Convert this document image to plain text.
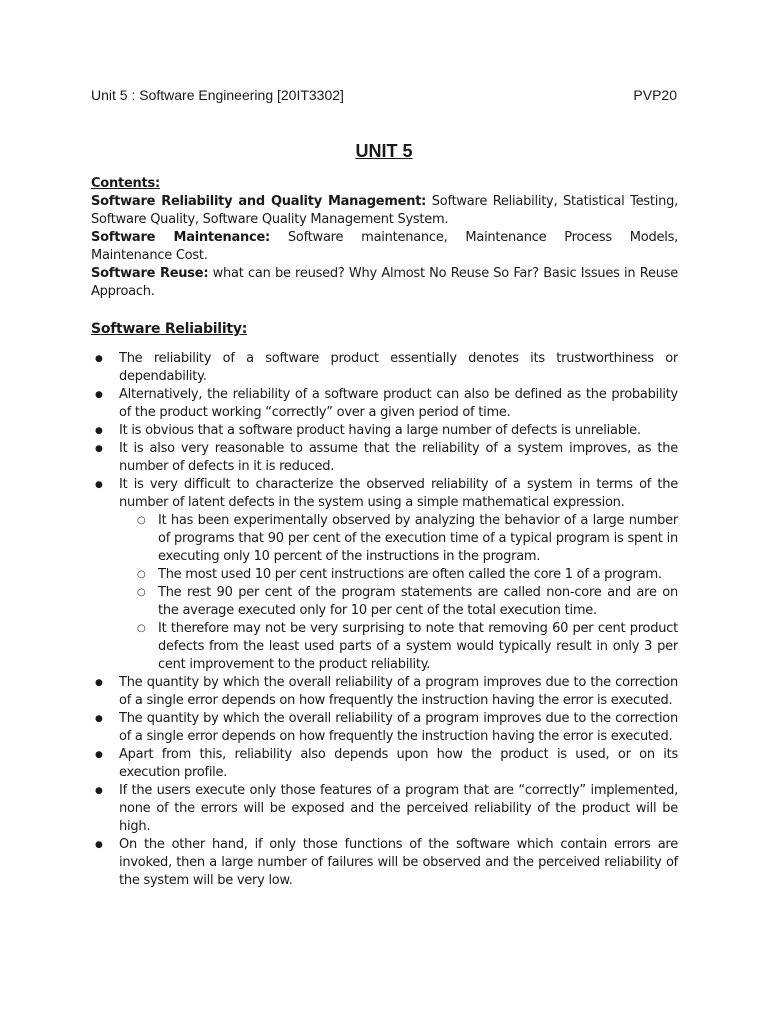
Unit 5 : Software Engineering [20IT3302]	PVP20
UNIT 5

Contents:

Software Reliability and Quality Management: Software Reliability, Statistical Testing, Software Quality, Software Quality Management System.

Software Maintenance: Software maintenance, Maintenance Process Models, Maintenance Cost.

Software Reuse: what can be reused? Why Almost No Reuse So Far? Basic Issues in Reuse Approach.

Software Reliability:

● The reliability of a software product essentially denotes its trustworthiness or dependability.
● Alternatively, the reliability of a software product can also be defined as the probability of the product working “correctly” over a given period of time.
● It is obvious that a software product having a large number of defects is unreliable.
● It is also very reasonable to assume that the reliability of a system improves, as the number of defects in it is reduced.
● It is very difficult to characterize the observed reliability of a system in terms of the number of latent defects in the system using a simple mathematical expression.
○ It has been experimentally observed by analyzing the behavior of a large number of programs that 90 per cent of the execution time of a typical program is spent in executing only 10 percent of the instructions in the program.
○ The most used 10 per cent instructions are often called the core 1 of a program.
○ The rest 90 per cent of the program statements are called non-core and are on the average executed only for 10 per cent of the total execution time.
○ It therefore may not be very surprising to note that removing 60 per cent product defects from the least used parts of a system would typically result in only 3 per cent improvement to the product reliability.
● The quantity by which the overall reliability of a program improves due to the correction of a single error depends on how frequently the instruction having the error is executed.
● The quantity by which the overall reliability of a program improves due to the correction of a single error depends on how frequently the instruction having the error is executed.
● Apart from this, reliability also depends upon how the product is used, or on its execution profile.
● If the users execute only those features of a program that are “correctly” implemented, none of the errors will be exposed and the perceived reliability of the product will be high.
● On the other hand, if only those functions of the software which contain errors are invoked, then a large number of failures will be observed and the perceived reliability of the system will be very low.
